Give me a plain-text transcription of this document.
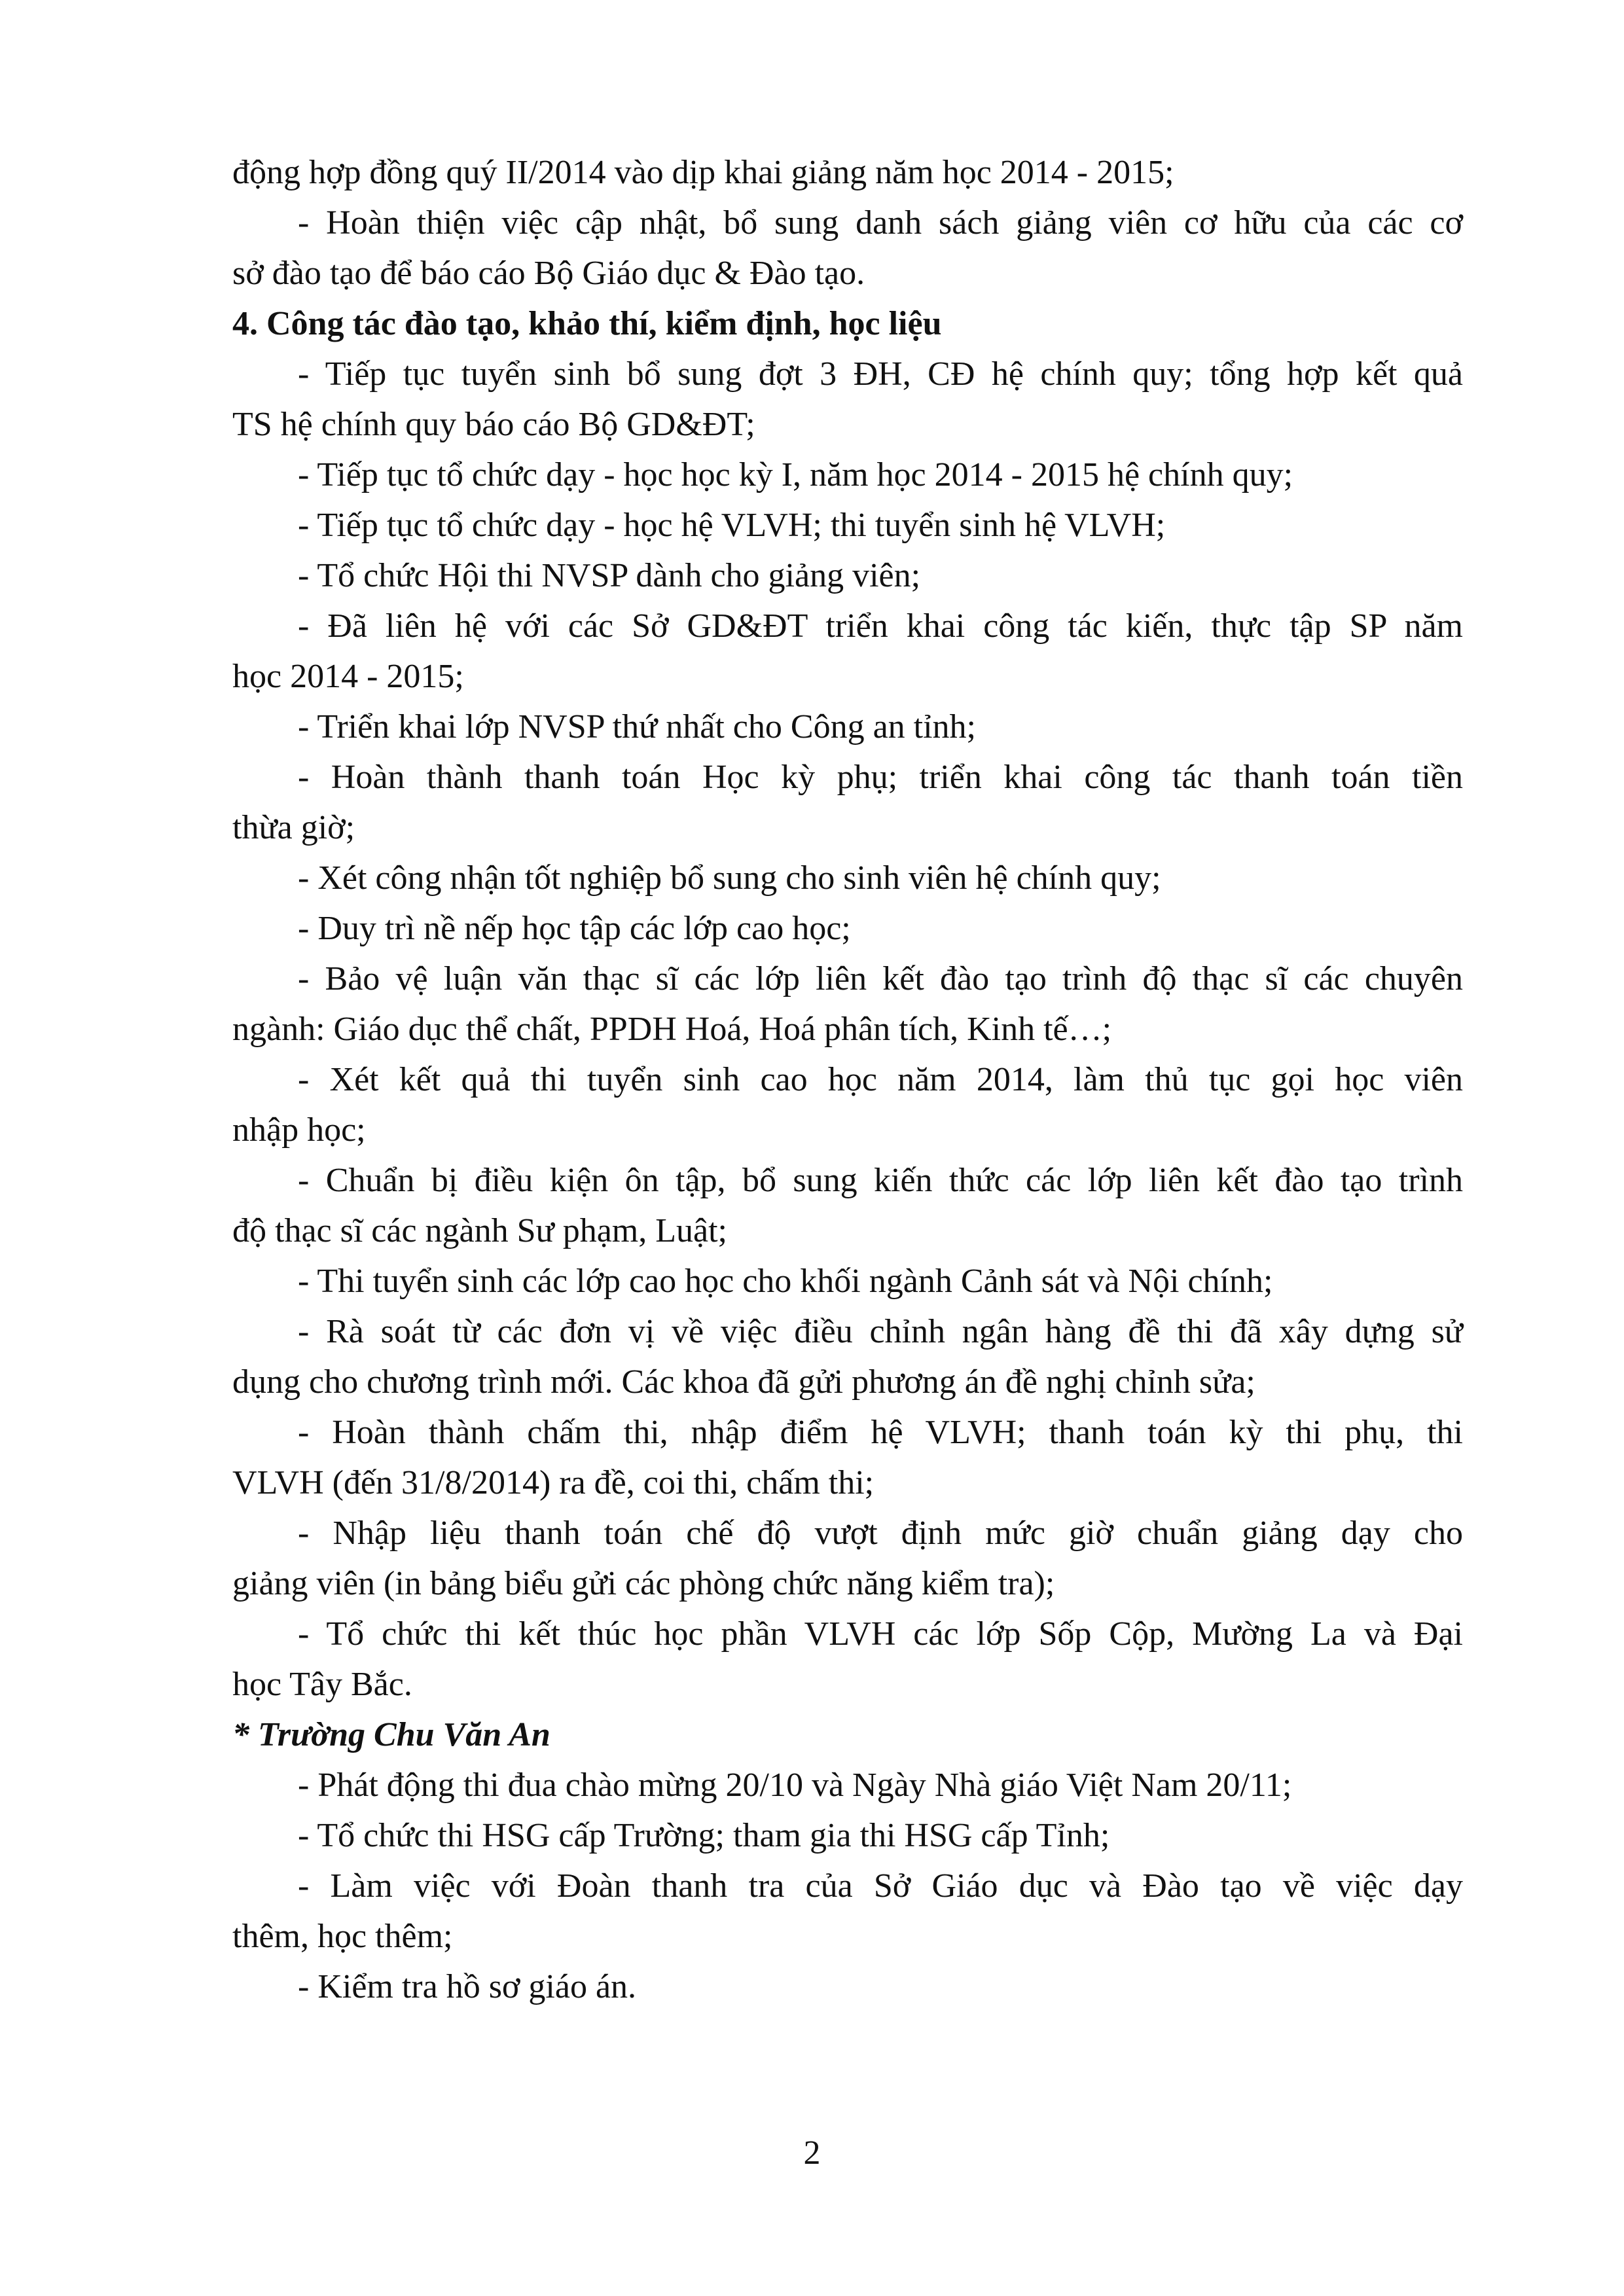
động hợp đồng quý II/2014 vào dịp khai giảng năm học 2014 - 2015;

- Hoàn thiện việc cập nhật, bổ sung danh sách giảng viên cơ hữu của các cơ

sở đào tạo để báo cáo Bộ Giáo dục & Đào tạo.

4. Công tác đào tạo, khảo thí, kiểm định, học liệu

- Tiếp tục tuyển sinh bổ sung đợt 3 ĐH, CĐ hệ chính quy; tổng hợp kết quả

TS hệ chính quy báo cáo Bộ GD&ĐT;

- Tiếp tục tổ chức dạy - học học kỳ I, năm học 2014 - 2015 hệ chính quy;

- Tiếp tục tổ chức dạy - học hệ VLVH; thi tuyển sinh hệ VLVH;

- Tổ chức Hội thi NVSP dành cho giảng viên;

- Đã liên hệ với các Sở GD&ĐT triển khai công tác kiến, thực tập SP năm

học 2014 - 2015;

- Triển khai lớp NVSP thứ nhất cho Công an tỉnh;

- Hoàn thành thanh toán Học kỳ phụ; triển khai công tác thanh toán tiền

thừa giờ;

- Xét công nhận tốt nghiệp bổ sung cho sinh viên hệ chính quy;

- Duy trì nề nếp học tập các lớp cao học;

- Bảo vệ luận văn thạc sĩ các lớp liên kết đào tạo trình độ thạc sĩ các chuyên

ngành: Giáo dục thể chất, PPDH Hoá, Hoá phân tích, Kinh tế…;

- Xét kết quả thi tuyển sinh cao học năm 2014, làm thủ tục gọi học viên

nhập học;

- Chuẩn bị điều kiện ôn tập, bổ sung kiến thức các lớp liên kết đào tạo trình

độ thạc sĩ các ngành Sư phạm, Luật;

- Thi tuyển sinh các lớp cao học cho khối ngành Cảnh sát và Nội chính;

- Rà soát từ các đơn vị về việc điều chỉnh ngân hàng đề thi đã xây dựng sử

dụng cho chương trình mới. Các khoa đã gửi phương án đề nghị chỉnh sửa;

- Hoàn thành chấm thi, nhập điểm hệ VLVH; thanh toán kỳ thi phụ, thi

VLVH (đến 31/8/2014) ra đề, coi thi, chấm thi;

- Nhập liệu thanh toán chế độ vượt định mức giờ chuẩn giảng dạy cho

giảng viên (in bảng biểu gửi các phòng chức năng kiểm tra);

- Tổ chức thi kết thúc học phần VLVH các lớp Sốp Cộp, Mường La và Đại

học Tây Bắc.

* Trường Chu Văn An

- Phát động thi đua chào mừng 20/10 và Ngày Nhà giáo Việt Nam 20/11;

- Tổ chức thi HSG cấp Trường; tham gia thi HSG cấp Tỉnh;

- Làm việc với Đoàn thanh tra của Sở Giáo dục và Đào tạo về việc dạy

thêm, học thêm;

- Kiểm tra hồ sơ giáo án.

2
